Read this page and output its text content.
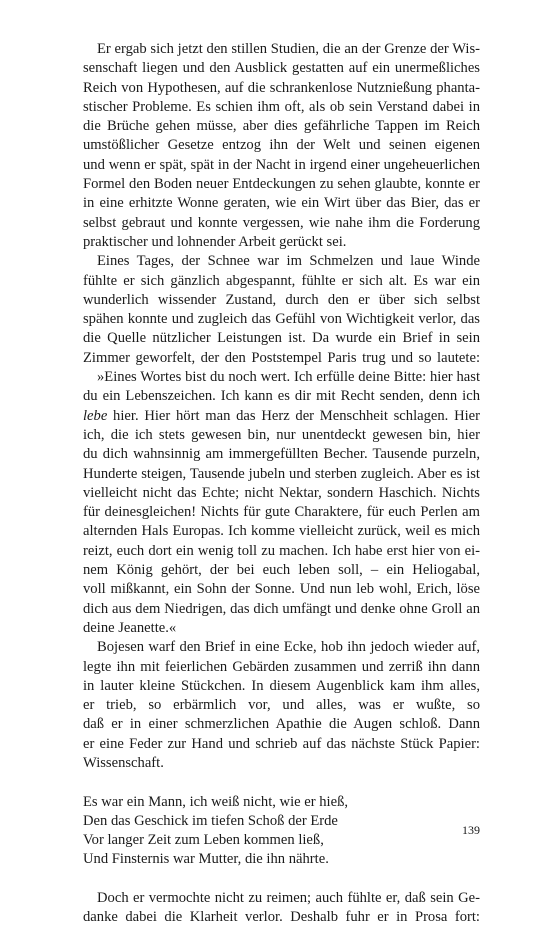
Er ergab sich jetzt den stillen Studien, die an der Grenze der Wis-
senschaft liegen und den Ausblick gestatten auf ein unermeßliches
Reich von Hypothesen, auf die schrankenlose Nutznießung phanta-
stischer Probleme. Es schien ihm oft, als ob sein Verstand dabei in
die Brüche gehen müsse, aber dies gefährliche Tappen im Reich
umstößlicher Gesetze entzog ihn der Welt und seinen eigenen
und wenn er spät, spät in der Nacht in irgend einer ungeheuerlichen
Formel den Boden neuer Entdeckungen zu sehen glaubte, konnte er
in eine erhitzte Wonne geraten, wie ein Wirt über das Bier, das er
selbst gebraut und konnte vergessen, wie nahe ihm die Forderung
praktischer und lohnender Arbeit gerückt sei.
Eines Tages, der Schnee war im Schmelzen und laue Winde
fühlte er sich gänzlich abgespannt, fühlte er sich alt. Es war ein
wunderlich wissender Zustand, durch den er über sich selbst
spähen konnte und zugleich das Gefühl von Wichtigkeit verlor, das
die Quelle nützlicher Leistungen ist. Da wurde ein Brief in sein
Zimmer geworfelt, der den Poststempel Paris trug und so lautete:
»Eines Wortes bist du noch wert. Ich erfülle deine Bitte: hier hast
du ein Lebenszeichen. Ich kann es dir mit Recht senden, denn ich
lebe hier. Hier hört man das Herz der Menschheit schlagen. Hier
ich, die ich stets gewesen bin, nur unentdeckt gewesen bin, hier
du dich wahnsinnig am immergefüllten Becher. Tausende purzeln,
Hunderte steigen, Tausende jubeln und sterben zugleich. Aber es ist
vielleicht nicht das Echte; nicht Nektar, sondern Haschich. Nichts
für deinesgleichen! Nichts für gute Charaktere, für euch Perlen am
alternden Hals Europas. Ich komme vielleicht zurück, weil es mich
reizt, euch dort ein wenig toll zu machen. Ich habe erst hier von ei-
nem König gehört, der bei euch leben soll, – ein Heliogabal,
voll mißkannt, ein Sohn der Sonne. Und nun leb wohl, Erich, löse
dich aus dem Niedrigen, das dich umfängt und denke ohne Groll an
deine Jeanette.«
Bojesen warf den Brief in eine Ecke, hob ihn jedoch wieder auf,
legte ihn mit feierlichen Gebärden zusammen und zerriß ihn dann
in lauter kleine Stückchen. In diesem Augenblick kam ihm alles,
er trieb, so erbärmlich vor, und alles, was er wußte, so
daß er in einer schmerzlichen Apathie die Augen schloß. Dann
er eine Feder zur Hand und schrieb auf das nächste Stück Papier:
Wissenschaft.
Es war ein Mann, ich weiß nicht, wie er hieß,
Den das Geschick im tiefen Schoß der Erde
Vor langer Zeit zum Leben kommen ließ,
Und Finsternis war Mutter, die ihn nährte.
Doch er vermochte nicht zu reimen; auch fühlte er, daß sein Ge-
danke dabei die Klarheit verlor. Deshalb fuhr er in Prosa fort:
139
